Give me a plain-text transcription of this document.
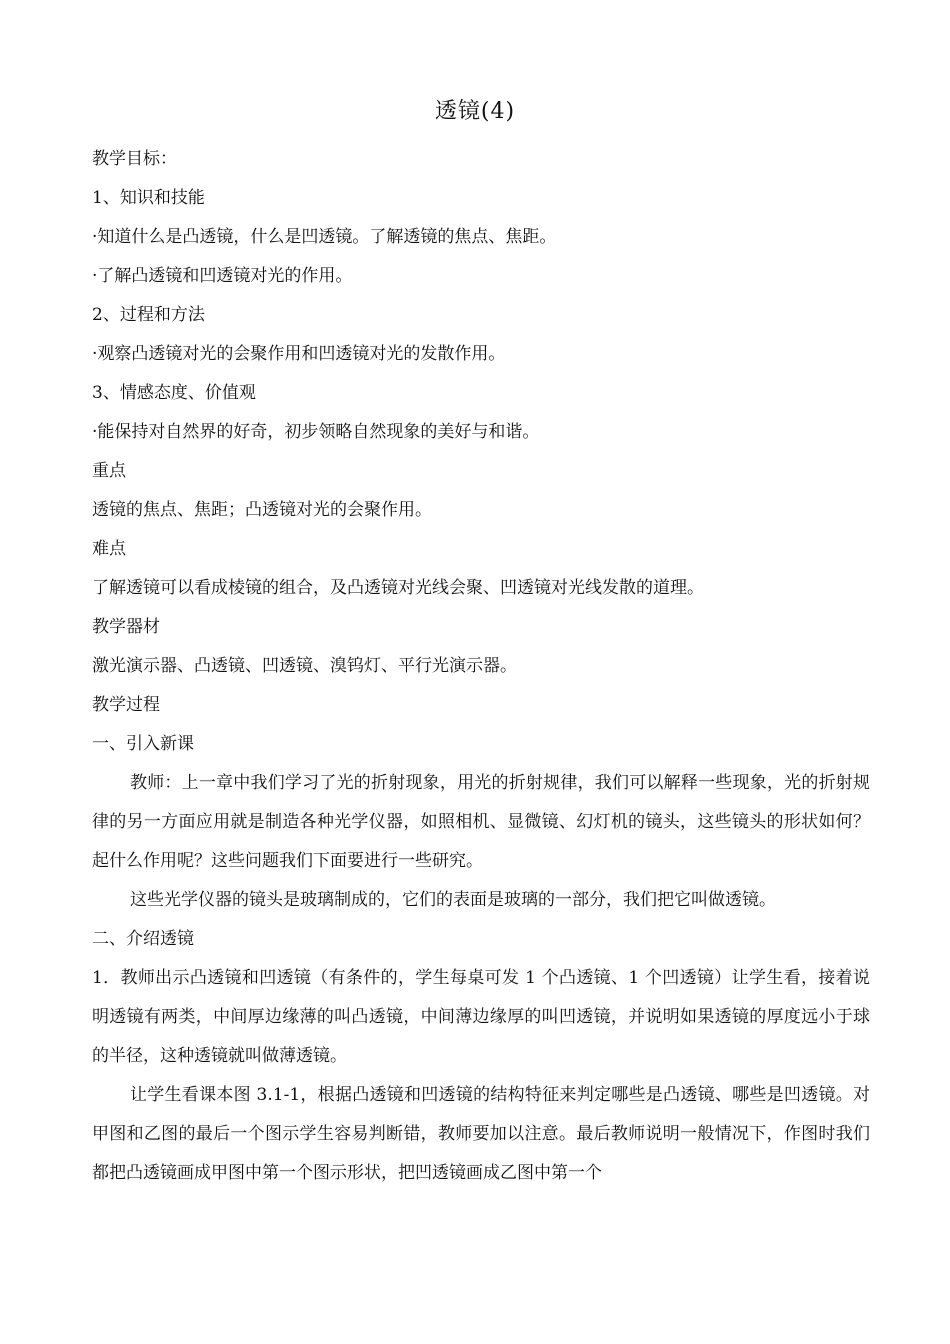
透镜(4)
教学目标：
1、知识和技能
·知道什么是凸透镜，什么是凹透镜。了解透镜的焦点、焦距。
·了解凸透镜和凹透镜对光的作用。
2、过程和方法
·观察凸透镜对光的会聚作用和凹透镜对光的发散作用。
3、情感态度、价值观
·能保持对自然界的好奇，初步领略自然现象的美好与和谐。
重点
透镜的焦点、焦距；凸透镜对光的会聚作用。
难点
了解透镜可以看成棱镜的组合，及凸透镜对光线会聚、凹透镜对光线发散的道理。
教学器材
激光演示器、凸透镜、凹透镜、溴钨灯、平行光演示器。
教学过程
一、引入新课
教师：上一章中我们学习了光的折射现象，用光的折射规律，我们可以解释一些现象，光的折射规律的另一方面应用就是制造各种光学仪器，如照相机、显微镜、幻灯机的镜头，这些镜头的形状如何？起什么作用呢？这些问题我们下面要进行一些研究。
这些光学仪器的镜头是玻璃制成的，它们的表面是玻璃的一部分，我们把它叫做透镜。
二、介绍透镜
1．教师出示凸透镜和凹透镜（有条件的，学生每桌可发 1 个凸透镜、1 个凹透镜）让学生看，接着说明透镜有两类，中间厚边缘薄的叫凸透镜，中间薄边缘厚的叫凹透镜，并说明如果透镜的厚度远小于球的半径，这种透镜就叫做薄透镜。
让学生看课本图 3.1-1，根据凸透镜和凹透镜的结构特征来判定哪些是凸透镜、哪些是凹透镜。对甲图和乙图的最后一个图示学生容易判断错，教师要加以注意。最后教师说明一般情况下，作图时我们都把凸透镜画成甲图中第一个图示形状，把凹透镜画成乙图中第一个
